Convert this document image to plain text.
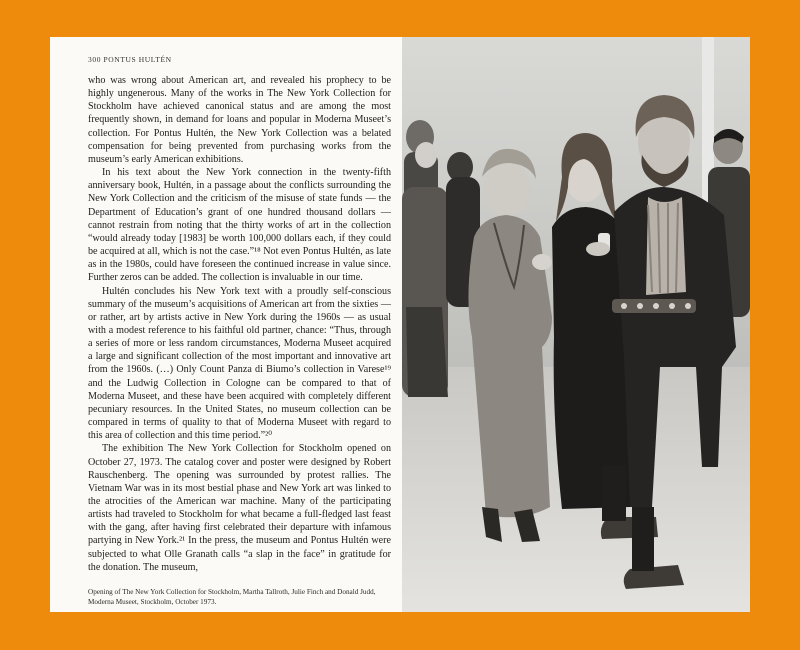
300 PONTUS HULTÉN

who was wrong about American art, and revealed his prophecy to be highly ungenerous. Many of the works in The New York Collection for Stockholm have achieved canonical status and are among the most frequently shown, in demand for loans and popular in Moderna Museet’s collection. For Pontus Hultén, the New York Collection was a belated compensation for being prevented from purchasing works from the museum’s early American exhibitions.

In his text about the New York connection in the twenty-fifth anniversary book, Hultén, in a passage about the conflicts surrounding the New York Collection and the criticism of the misuse of state funds — the Department of Education’s grant of one hundred thousand dollars — cannot restrain from noting that the thirty works of art in the collection “would already today [1983] be worth 100,000 dollars each, if they could be acquired at all, which is not the case.”¹⁸ Not even Pontus Hultén, as late as in the 1980s, could have foreseen the continued increase in value since. Further zeros can be added. The collection is invaluable in our time.

Hultén concludes his New York text with a proudly self-conscious summary of the museum’s acquisitions of American art from the sixties — or rather, art by artists active in New York during the 1960s — as usual with a modest reference to his faithful old partner, chance: “Thus, through a series of more or less random circumstances, Moderna Museet acquired a large and significant collection of the most important and innovative art from the 1960s. (…) Only Count Panza di Biumo’s collection in Varese¹⁹ and the Ludwig Collection in Cologne can be compared to that of Moderna Museet, and these have been acquired with completely different pecuniary resources. In the United States, no museum collection can be compared in terms of quality to that of Moderna Museet with regard to this area of collection and this time period.”²⁰

The exhibition The New York Collection for Stockholm opened on October 27, 1973. The catalog cover and poster were designed by Robert Rauschenberg. The opening was surrounded by protest rallies. The Vietnam War was in its most bestial phase and New York art was linked to the atrocities of the American war machine. Many of the participating artists had traveled to Stockholm for what became a full-fledged last feast with the gang, after having first celebrated their departure with infamous partying in New York.²¹ In the press, the museum and Pontus Hultén were subjected to what Olle Granath calls “a slap in the face” in gratitude for the donation. The museum,

Opening of The New York Collection for Stockholm, Martha Tallroth, Julie Finch and Donald Judd, Moderna Museet, Stockholm, October 1973.
